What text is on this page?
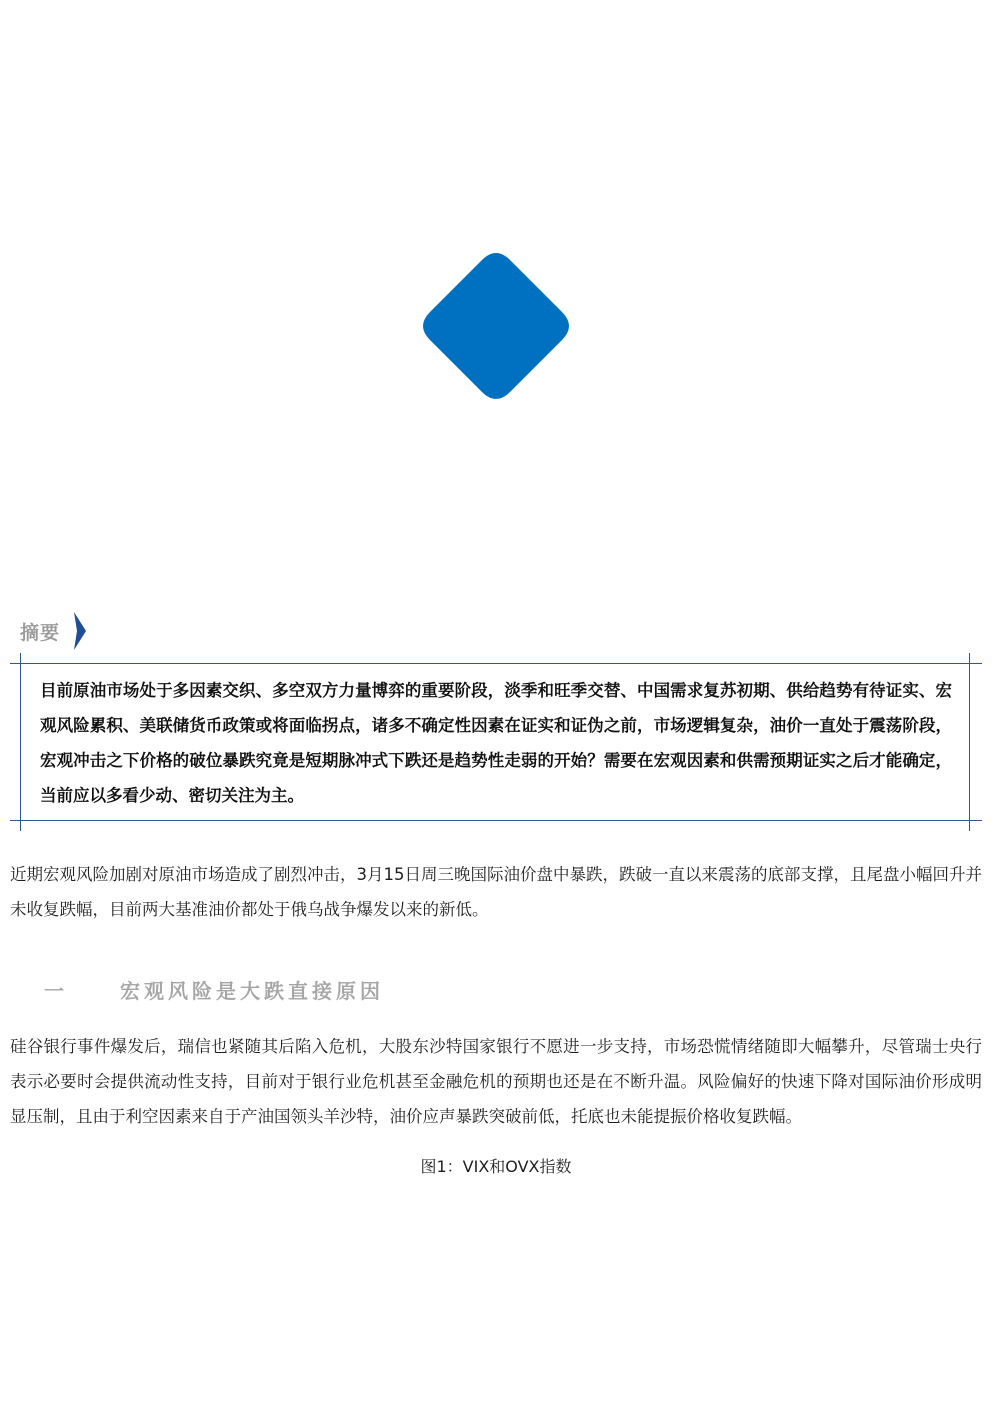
摘要
目前原油市场处于多因素交织、多空双方力量博弈的重要阶段，淡季和旺季交替、中国需求复苏初期、供给趋势有待证实、宏观风险累积、美联储货币政策或将面临拐点，诸多不确定性因素在证实和证伪之前，市场逻辑复杂，油价一直处于震荡阶段，宏观冲击之下价格的破位暴跌究竟是短期脉冲式下跌还是趋势性走弱的开始？需要在宏观因素和供需预期证实之后才能确定，当前应以多看少动、密切关注为主。
近期宏观风险加剧对原油市场造成了剧烈冲击，3月15日周三晚国际油价盘中暴跌，跌破一直以来震荡的底部支撑，且尾盘小幅回升并未收复跌幅，目前两大基准油价都处于俄乌战争爆发以来的新低。
一	宏观风险是大跌直接原因
硅谷银行事件爆发后，瑞信也紧随其后陷入危机，大股东沙特国家银行不愿进一步支持，市场恐慌情绪随即大幅攀升，尽管瑞士央行表示必要时会提供流动性支持，目前对于银行业危机甚至金融危机的预期也还是在不断升温。风险偏好的快速下降对国际油价形成明显压制，且由于利空因素来自于产油国领头羊沙特，油价应声暴跌突破前低，托底也未能提振价格收复跌幅。
图1：VIX和OVX指数
